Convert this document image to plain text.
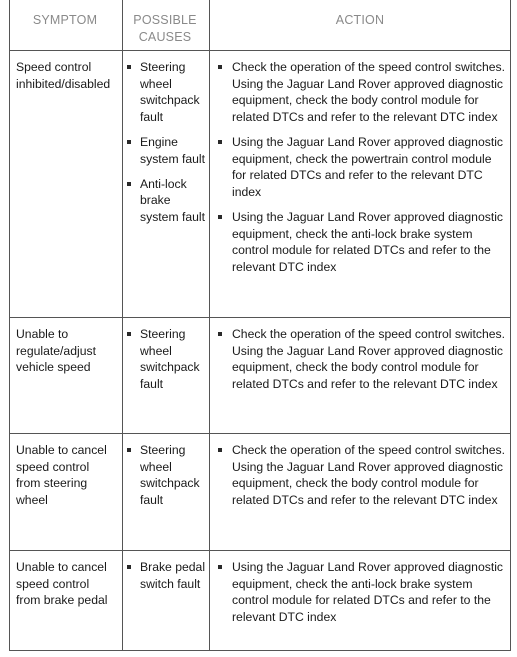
SYMPTOM	POSSIBLE
CAUSES
ACTION
Speed control inhibited/disabled
Steering wheel switchpack fault
Engine system fault
Anti-lock brake system fault
Check the operation of the speed control switches. Using the Jaguar Land Rover approved diagnostic equipment, check the body control module for related DTCs and refer to the relevant DTC index
Using the Jaguar Land Rover approved diagnostic equipment, check the powertrain control module for related DTCs and refer to the relevant DTC index
Using the Jaguar Land Rover approved diagnostic equipment, check the anti-lock brake system control module for related DTCs and refer to the relevant DTC index
Unable to regulate/adjust vehicle speed
Steering wheel switchpack fault
Check the operation of the speed control switches. Using the Jaguar Land Rover approved diagnostic equipment, check the body control module for related DTCs and refer to the relevant DTC index
Unable to cancel speed control from steering wheel
Steering wheel switchpack fault
Check the operation of the speed control switches. Using the Jaguar Land Rover approved diagnostic equipment, check the body control module for related DTCs and refer to the relevant DTC index
Unable to cancel speed control from brake pedal
Brake pedal switch fault
Using the Jaguar Land Rover approved diagnostic equipment, check the anti-lock brake system control module for related DTCs and refer to the relevant DTC index
